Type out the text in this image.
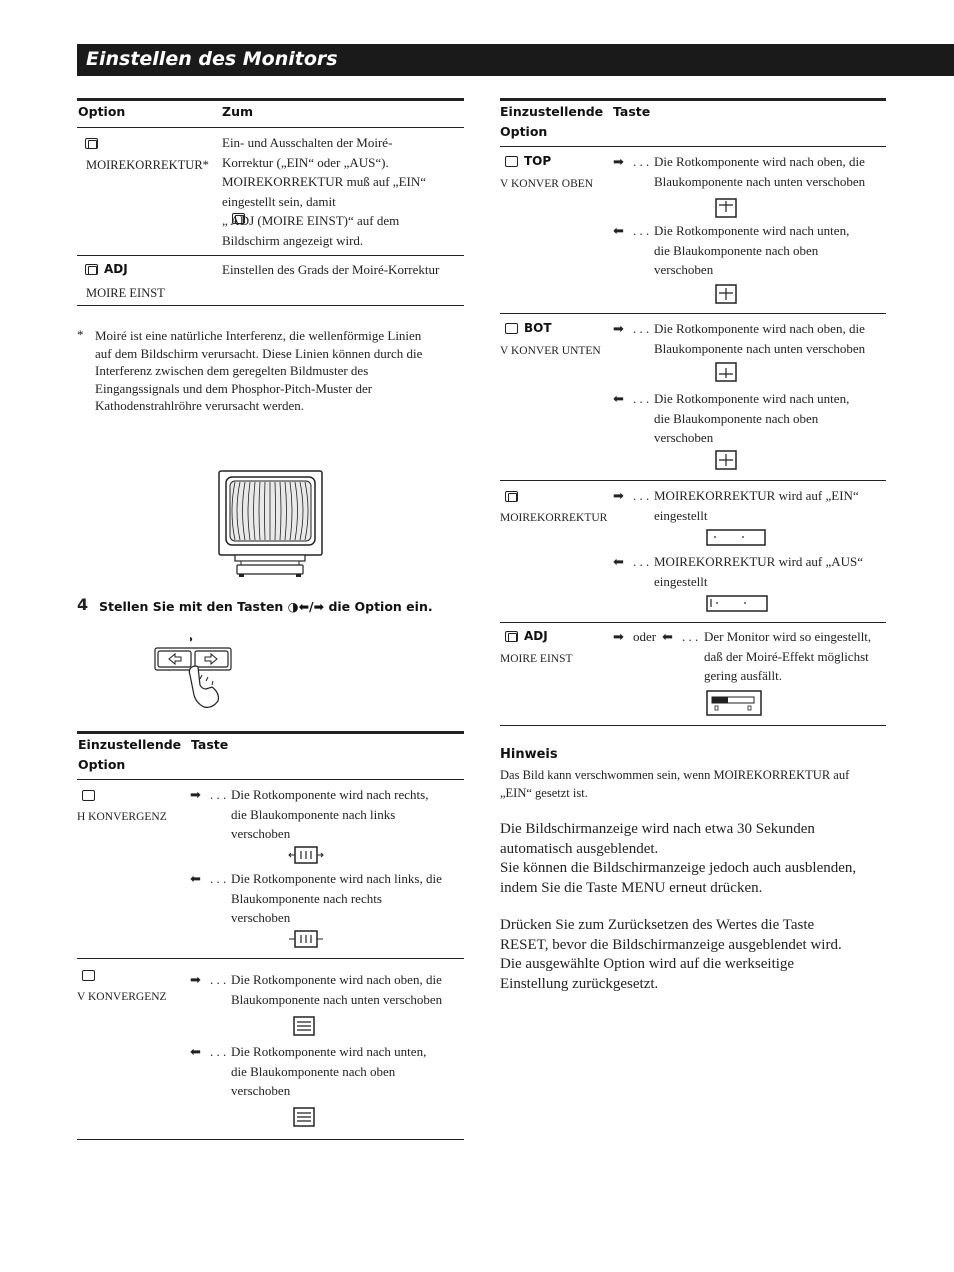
Einstellen des Monitors
Option	Zum
MOIREKORREKTUR*
Ein- und Ausschalten der Moiré-
Korrektur („EIN“ oder „AUS“).
MOIREKORREKTUR muß auf „EIN“
eingestellt sein, damit
„ ADJ (MOIRE EINST)“ auf dem
Bildschirm angezeigt wird.
ADJ
MOIRE EINST
Einstellen des Grads der Moiré-Korrektur
* Moiré ist eine natürliche Interferenz, die wellenförmige Linien
auf dem Bildschirm verursacht. Diese Linien können durch die
Interferenz zwischen dem geregelten Bildmuster des
Eingangssignals und dem Phosphor-Pitch-Muster der
Kathodenstrahlröhre verursacht werden.
4 Stellen Sie mit den Tasten ◑⬅/➡ die Option ein.
◑
Einzustellende
Option
Taste
H KONVERGENZ
➡ . . . Die Rotkomponente wird nach rechts,
die Blaukomponente nach links
verschoben
⬅ . . . Die Rotkomponente wird nach links, die
Blaukomponente nach rechts
verschoben
V KONVERGENZ
➡ . . . Die Rotkomponente wird nach oben, die
Blaukomponente nach unten verschoben
⬅ . . . Die Rotkomponente wird nach unten,
die Blaukomponente nach oben
verschoben
Einzustellende
Option
Taste
TOP
V KONVER OBEN
➡ . . . Die Rotkomponente wird nach oben, die
Blaukomponente nach unten verschoben
⬅ . . . Die Rotkomponente wird nach unten,
die Blaukomponente nach oben
verschoben
BOT
V KONVER UNTEN
➡ . . . Die Rotkomponente wird nach oben, die
Blaukomponente nach unten verschoben
⬅ . . . Die Rotkomponente wird nach unten,
die Blaukomponente nach oben
verschoben
MOIREKORREKTUR
➡ . . . MOIREKORREKTUR wird auf „EIN“
eingestellt
⬅ . . . MOIREKORREKTUR wird auf „AUS“
eingestellt
ADJ
MOIRE EINST
➡ oder ⬅ . . . Der Monitor wird so eingestellt,
daß der Moiré-Effekt möglichst
gering ausfällt.
Hinweis
Das Bild kann verschwommen sein, wenn MOIREKORREKTUR auf
„EIN“ gesetzt ist.
Die Bildschirmanzeige wird nach etwa 30 Sekunden
automatisch ausgeblendet.
Sie können die Bildschirmanzeige jedoch auch ausblenden,
indem Sie die Taste MENU erneut drücken.
Drücken Sie zum Zurücksetzen des Wertes die Taste
RESET, bevor die Bildschirmanzeige ausgeblendet wird.
Die ausgewählte Option wird auf die werkseitige
Einstellung zurückgesetzt.
